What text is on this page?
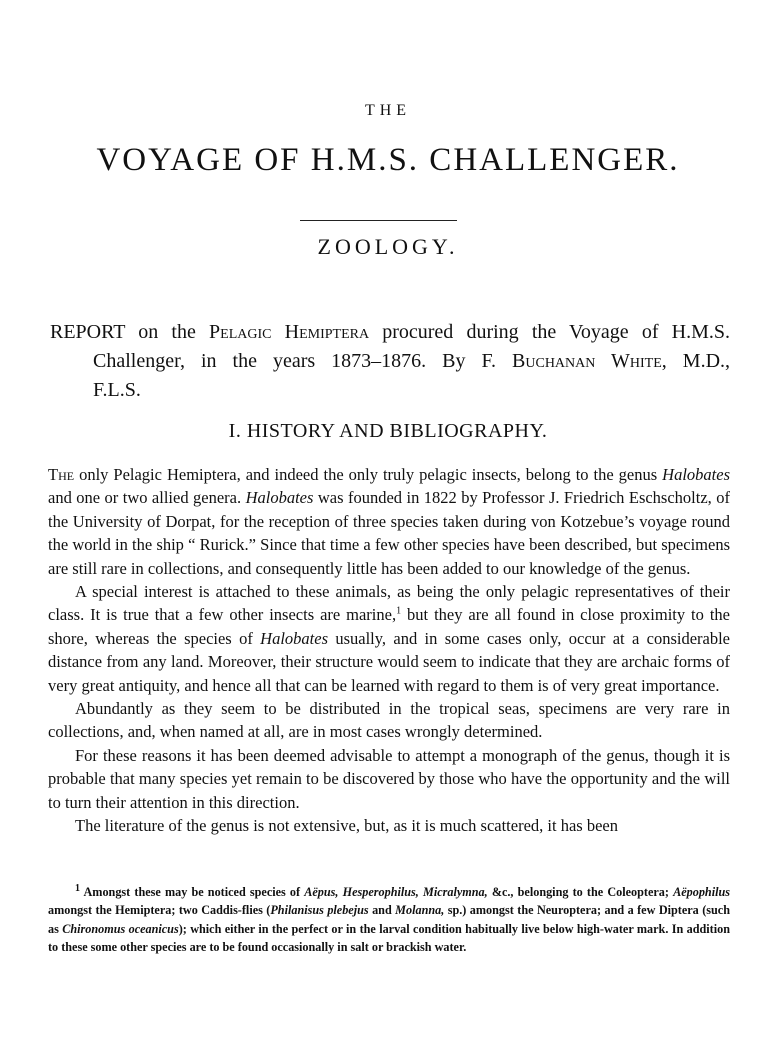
THE
VOYAGE OF H.M.S. CHALLENGER.
ZOOLOGY.
REPORT on the Pelagic Hemiptera procured during the Voyage of H.M.S.
Challenger, in the years 1873–1876. By F. Buchanan White, M.D.,
F.L.S.
I. HISTORY AND BIBLIOGRAPHY.

The only Pelagic Hemiptera, and indeed the only truly pelagic insects, belong to the genus Halobates and one or two allied genera. Halobates was founded in 1822 by Professor J. Friedrich Eschscholtz, of the University of Dorpat, for the reception of three species taken during von Kotzebue’s voyage round the world in the ship “ Rurick.” Since that time a few other species have been described, but specimens are still rare in collections, and consequently little has been added to our knowledge of the genus.

A special interest is attached to these animals, as being the only pelagic representatives of their class. It is true that a few other insects are marine,$^1$ but they are all found in close proximity to the shore, whereas the species of Halobates usually, and in some cases only, occur at a considerable distance from any land. Moreover, their structure would seem to indicate that they are archaic forms of very great antiquity, and hence all that can be learned with regard to them is of very great importance.

Abundantly as they seem to be distributed in the tropical seas, specimens are very rare in collections, and, when named at all, are in most cases wrongly determined.

For these reasons it has been deemed advisable to attempt a monograph of the genus, though it is probable that many species yet remain to be discovered by those who have the opportunity and the will to turn their attention in this direction.

The literature of the genus is not extensive, but, as it is much scattered, it has been

$^1$ Amongst these may be noticed species of Aëpus, Hesperophilus, Micralymna, &c., belonging to the Coleoptera; Aëpophilus amongst the Hemiptera; two Caddis-flies (Philanisus plebejus and Molanna, sp.) amongst the Neuroptera; and a few Diptera (such as Chironomus oceanicus); which either in the perfect or in the larval condition habitually live below high-water mark. In addition to these some other species are to be found occasionally in salt or brackish water.
